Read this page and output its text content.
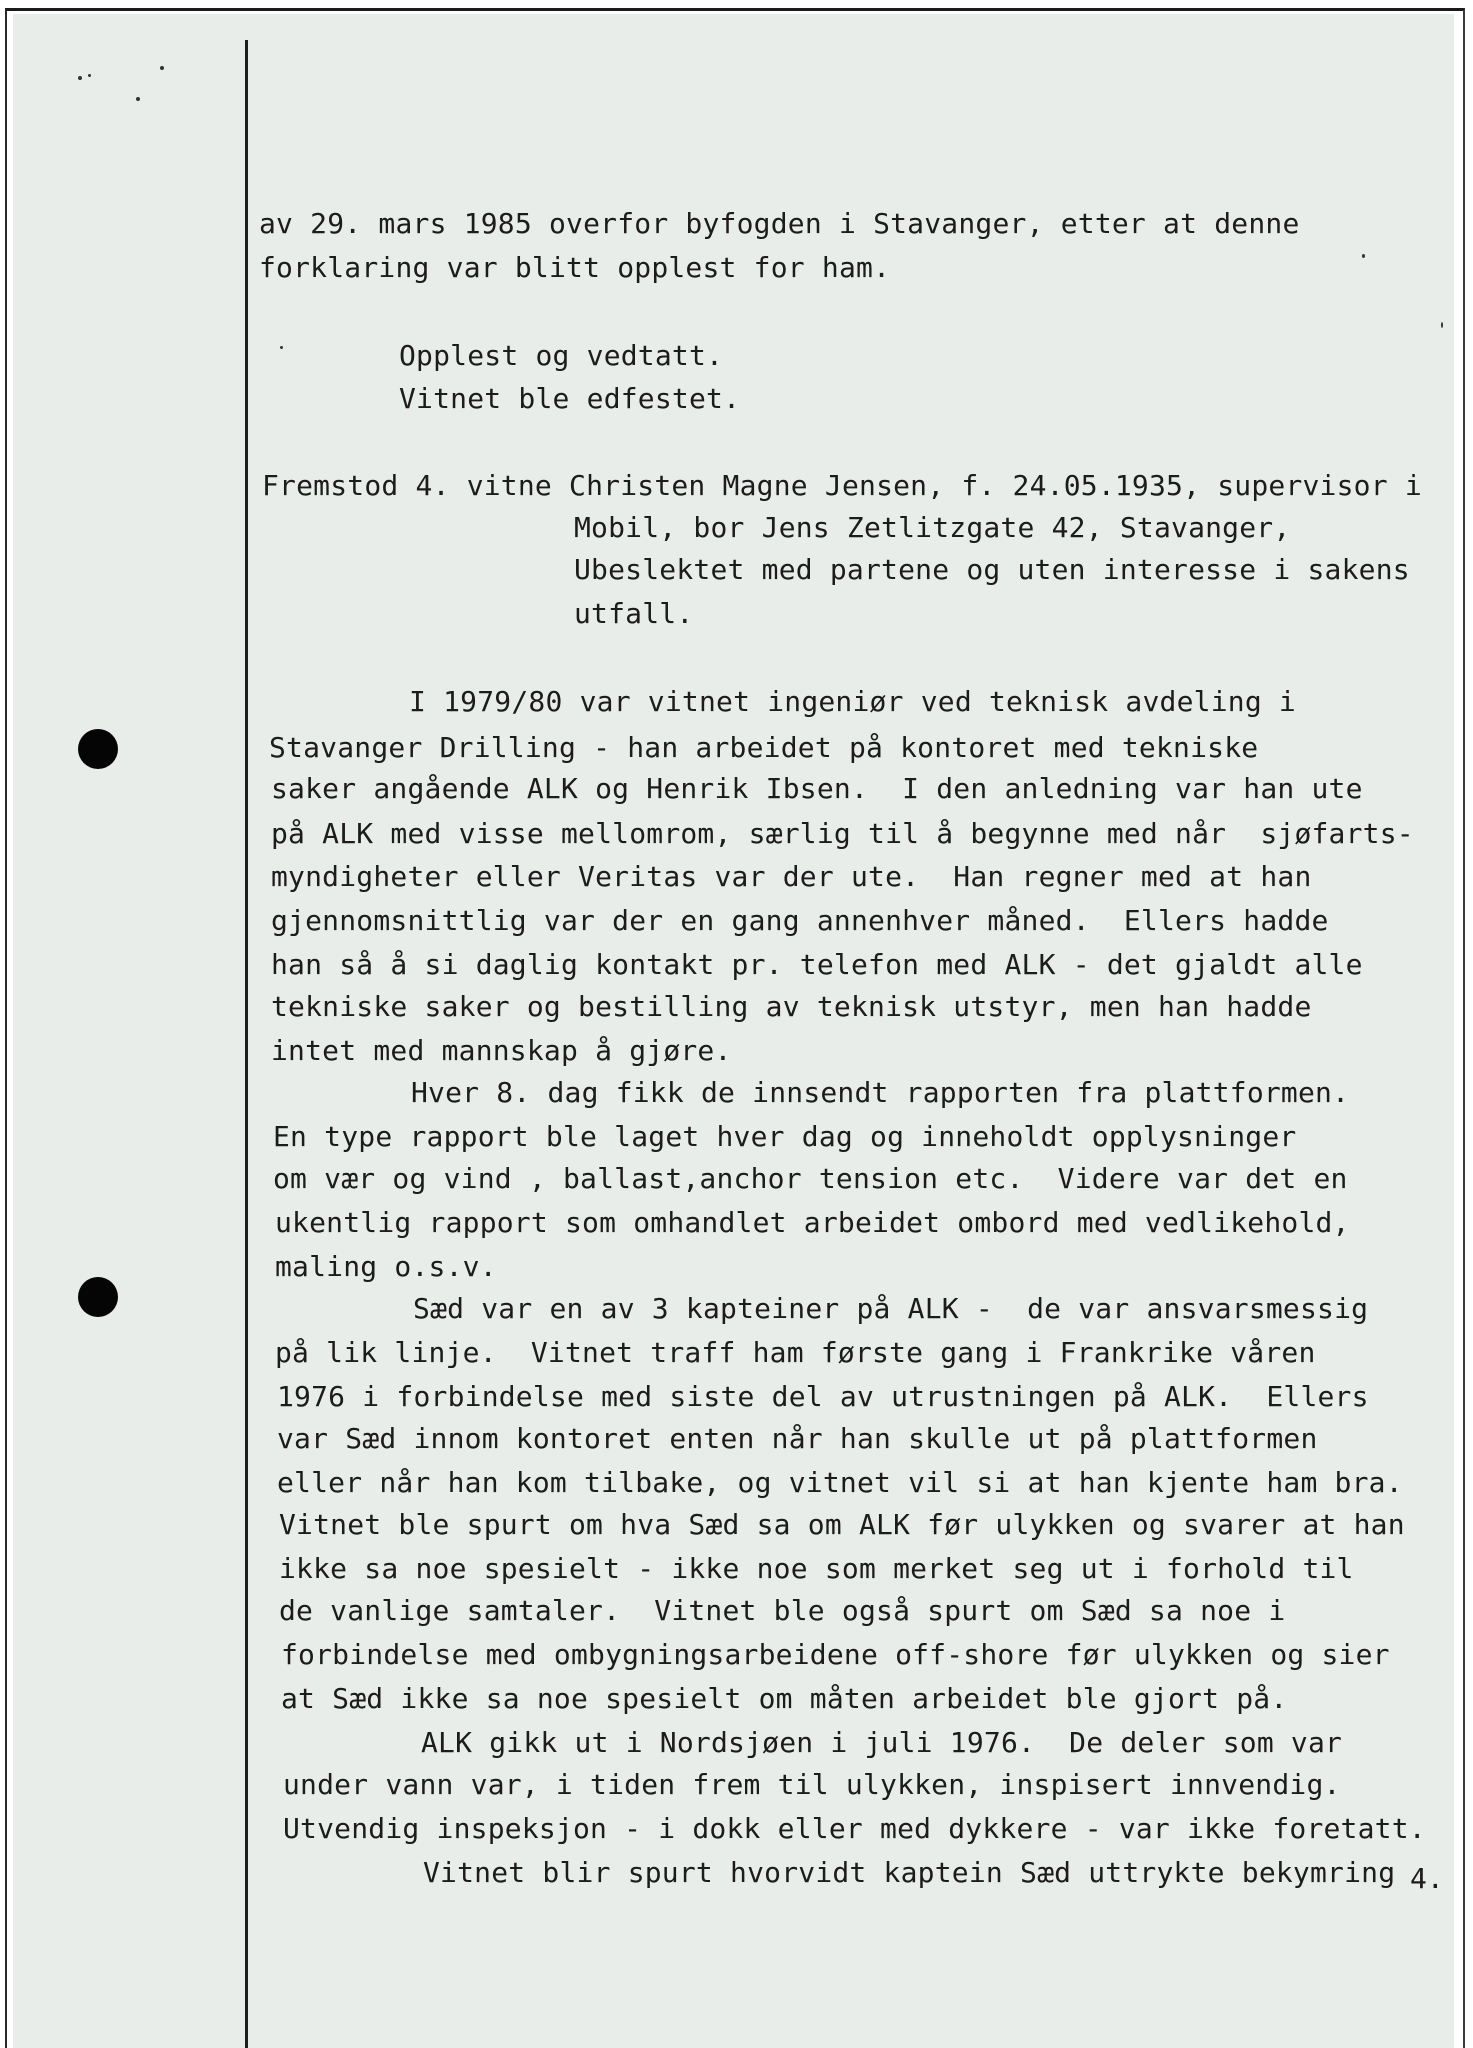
av 29. mars 1985 overfor byfogden i Stavanger, etter at denne

forklaring var blitt opplest for ham.

Opplest og vedtatt.

Vitnet ble edfestet.

Fremstod 4. vitne Christen Magne Jensen, f. 24.05.1935, supervisor i

Mobil, bor Jens Zetlitzgate 42, Stavanger,

Ubeslektet med partene og uten interesse i sakens

utfall.

I 1979/80 var vitnet ingeniør ved teknisk avdeling i

Stavanger Drilling - han arbeidet på kontoret med tekniske

saker angående ALK og Henrik Ibsen.  I den anledning var han ute

på ALK med visse mellomrom, særlig til å begynne med når  sjøfarts-

myndigheter eller Veritas var der ute.  Han regner med at han

gjennomsnittlig var der en gang annenhver måned.  Ellers hadde

han så å si daglig kontakt pr. telefon med ALK - det gjaldt alle

tekniske saker og bestilling av teknisk utstyr, men han hadde

intet med mannskap å gjøre.

Hver 8. dag fikk de innsendt rapporten fra plattformen.

En type rapport ble laget hver dag og inneholdt opplysninger

om vær og vind , ballast,anchor tension etc.  Videre var det en

ukentlig rapport som omhandlet arbeidet ombord med vedlikehold,

maling o.s.v.

Sæd var en av 3 kapteiner på ALK -  de var ansvarsmessig

på lik linje.  Vitnet traff ham første gang i Frankrike våren

1976 i forbindelse med siste del av utrustningen på ALK.  Ellers

var Sæd innom kontoret enten når han skulle ut på plattformen

eller når han kom tilbake, og vitnet vil si at han kjente ham bra.

Vitnet ble spurt om hva Sæd sa om ALK før ulykken og svarer at han

ikke sa noe spesielt - ikke noe som merket seg ut i forhold til

de vanlige samtaler.  Vitnet ble også spurt om Sæd sa noe i

forbindelse med ombygningsarbeidene off-shore før ulykken og sier

at Sæd ikke sa noe spesielt om måten arbeidet ble gjort på.

ALK gikk ut i Nordsjøen i juli 1976.  De deler som var

under vann var, i tiden frem til ulykken, inspisert innvendig.

Utvendig inspeksjon - i dokk eller med dykkere - var ikke foretatt.

Vitnet blir spurt hvorvidt kaptein Sæd uttrykte bekymring 4.
